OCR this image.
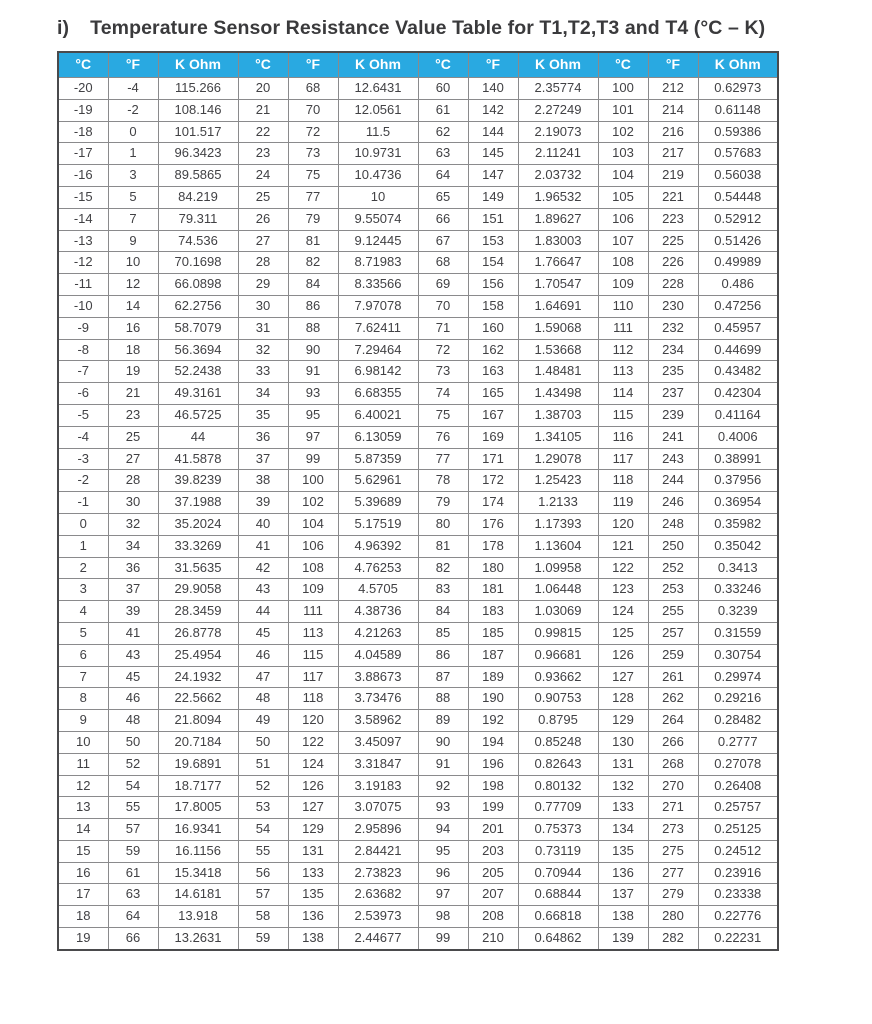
i) Temperature Sensor Resistance Value Table for T1,T2,T3 and T4 (°C – K)
°C	°F	K Ohm	°C	°F	K Ohm	°C	°F	K Ohm	°C	°F	K Ohm
-20	-4	115.266	20	68	12.6431	60	140	2.35774	100	212	0.62973
-19	-2	108.146	21	70	12.0561	61	142	2.27249	101	214	0.61148
-18	0	101.517	22	72	11.5	62	144	2.19073	102	216	0.59386
-17	1	96.3423	23	73	10.9731	63	145	2.11241	103	217	0.57683
-16	3	89.5865	24	75	10.4736	64	147	2.03732	104	219	0.56038
-15	5	84.219	25	77	10	65	149	1.96532	105	221	0.54448
-14	7	79.311	26	79	9.55074	66	151	1.89627	106	223	0.52912
-13	9	74.536	27	81	9.12445	67	153	1.83003	107	225	0.51426
-12	10	70.1698	28	82	8.71983	68	154	1.76647	108	226	0.49989
-11	12	66.0898	29	84	8.33566	69	156	1.70547	109	228	0.486
-10	14	62.2756	30	86	7.97078	70	158	1.64691	110	230	0.47256
-9	16	58.7079	31	88	7.62411	71	160	1.59068	111	232	0.45957
-8	18	56.3694	32	90	7.29464	72	162	1.53668	112	234	0.44699
-7	19	52.2438	33	91	6.98142	73	163	1.48481	113	235	0.43482
-6	21	49.3161	34	93	6.68355	74	165	1.43498	114	237	0.42304
-5	23	46.5725	35	95	6.40021	75	167	1.38703	115	239	0.41164
-4	25	44	36	97	6.13059	76	169	1.34105	116	241	0.4006
-3	27	41.5878	37	99	5.87359	77	171	1.29078	117	243	0.38991
-2	28	39.8239	38	100	5.62961	78	172	1.25423	118	244	0.37956
-1	30	37.1988	39	102	5.39689	79	174	1.2133	119	246	0.36954
0	32	35.2024	40	104	5.17519	80	176	1.17393	120	248	0.35982
1	34	33.3269	41	106	4.96392	81	178	1.13604	121	250	0.35042
2	36	31.5635	42	108	4.76253	82	180	1.09958	122	252	0.3413
3	37	29.9058	43	109	4.5705	83	181	1.06448	123	253	0.33246
4	39	28.3459	44	111	4.38736	84	183	1.03069	124	255	0.3239
5	41	26.8778	45	113	4.21263	85	185	0.99815	125	257	0.31559
6	43	25.4954	46	115	4.04589	86	187	0.96681	126	259	0.30754
7	45	24.1932	47	117	3.88673	87	189	0.93662	127	261	0.29974
8	46	22.5662	48	118	3.73476	88	190	0.90753	128	262	0.29216
9	48	21.8094	49	120	3.58962	89	192	0.8795	129	264	0.28482
10	50	20.7184	50	122	3.45097	90	194	0.85248	130	266	0.2777
11	52	19.6891	51	124	3.31847	91	196	0.82643	131	268	0.27078
12	54	18.7177	52	126	3.19183	92	198	0.80132	132	270	0.26408
13	55	17.8005	53	127	3.07075	93	199	0.77709	133	271	0.25757
14	57	16.9341	54	129	2.95896	94	201	0.75373	134	273	0.25125
15	59	16.1156	55	131	2.84421	95	203	0.73119	135	275	0.24512
16	61	15.3418	56	133	2.73823	96	205	0.70944	136	277	0.23916
17	63	14.6181	57	135	2.63682	97	207	0.68844	137	279	0.23338
18	64	13.918	58	136	2.53973	98	208	0.66818	138	280	0.22776
19	66	13.2631	59	138	2.44677	99	210	0.64862	139	282	0.22231
